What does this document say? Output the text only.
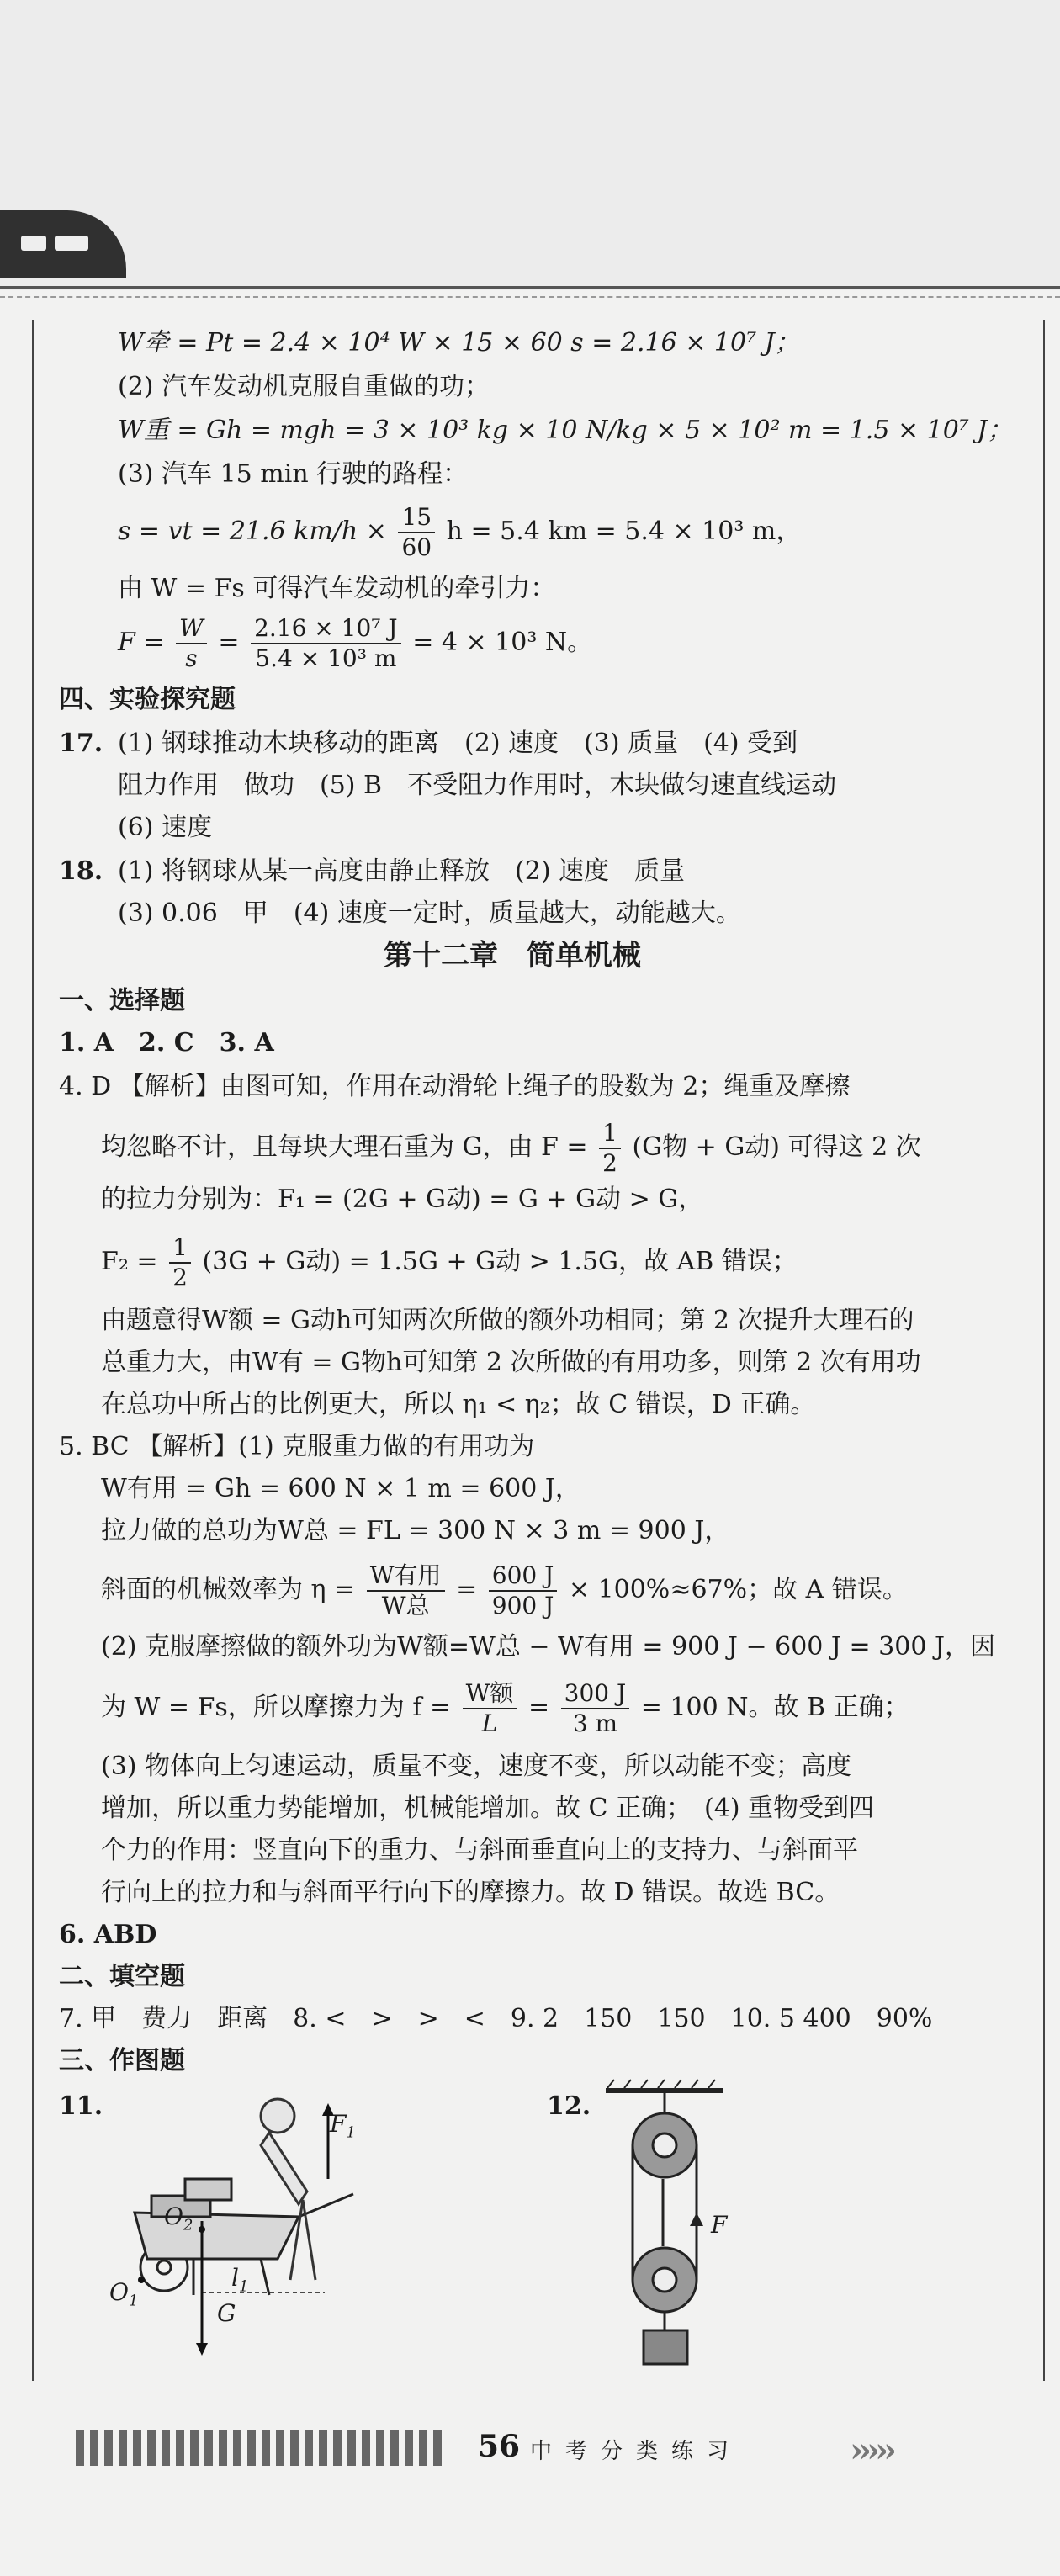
W牵 = Pt = 2.4 × 10⁴ W × 15 × 60 s = 2.16 × 10⁷ J；
(2) 汽车发动机克服自重做的功；
W重 = Gh = mgh = 3 × 10³ kg × 10 N/kg × 5 × 10² m = 1.5 × 10⁷ J；
(3) 汽车 15 min 行驶的路程：
s = vt = 21.6 $km/h \times \frac{15}{60}$ h = 5.4 km = 5.4 × 10³ m，
由 W = Fs 可得汽车发动机的牵引力：
$F = \frac{W}{s} = \frac{\text{2.16 × 10⁷ J}}{\text{5.4 × 10³ m}} = 4 \times 10^3$ N。
四、实验探究题
17. (1) 钢球推动木块移动的距离　(2) 速度　(3) 质量　(4) 受到
阻力作用　做功　(5) B　不受阻力作用时，木块做匀速直线运动
(6) 速度
18. (1) 将钢球从某一高度由静止释放　(2) 速度　质量
(3) 0.06　甲　(4) 速度一定时，质量越大，动能越大。
第十二章　简单机械
一、选择题
1. A　2. C　3. A
4. D 【解析】由图可知，作用在动滑轮上绳子的股数为 2；绳重及摩擦
均忽略不计，且每块大理石重为 G，由 $F = \frac{1}{2} (G$物 + G动) 可得这 2 次
的拉力分别为：F₁ = (2G + G动) = G + G动 > G，
$F_2 = \frac{1}{2} (3G + G$动) = 1.5G + G动 > 1.5G，故 AB 错误；
由题意得W额 = G动h可知两次所做的额外功相同；第 2 次提升大理石的
总重力大，由W有 = G物h可知第 2 次所做的有用功多，则第 2 次有用功
在总功中所占的比例更大，所以 η₁ < η₂；故 C 错误，D 正确。
5. BC 【解析】(1) 克服重力做的有用功为
W有用 = Gh = 600 N × 1 m = 600 J，
拉力做的总功为W总 = FL = 300 N × 3 m = 900 J，
斜面的机械效率为 $\eta = \frac{\text{W有用}}{\text{W总}} = \frac{600 J}{900 J} \times 100\%\approx 67\%$；故 A 错误。
(2) 克服摩擦做的额外功为W额=W总 − W有用 = 900 J − 600 J = 300 J，因
为 W = Fs，所以摩擦力为 $f = \frac{\text{W额}}{L} = \frac{300 J}{3 m} = 100$ N。故 B 正确；
(3) 物体向上匀速运动，质量不变，速度不变，所以动能不变；高度
增加，所以重力势能增加，机械能增加。故 C 正确；　(4) 重物受到四
个力的作用：竖直向下的重力、与斜面垂直向上的支持力、与斜面平
行向上的拉力和与斜面平行向下的摩擦力。故 D 错误。故选 BC。
6. ABD
二、填空题
7. 甲　费力　距离　8. <　>　>　<　9. 2　150　150　10. 5 400　90%
三、作图题
11.	12.
$F_1$
$O_2$
$O_1$
$l_1$
G
F
56 中考分类练习	›››››
